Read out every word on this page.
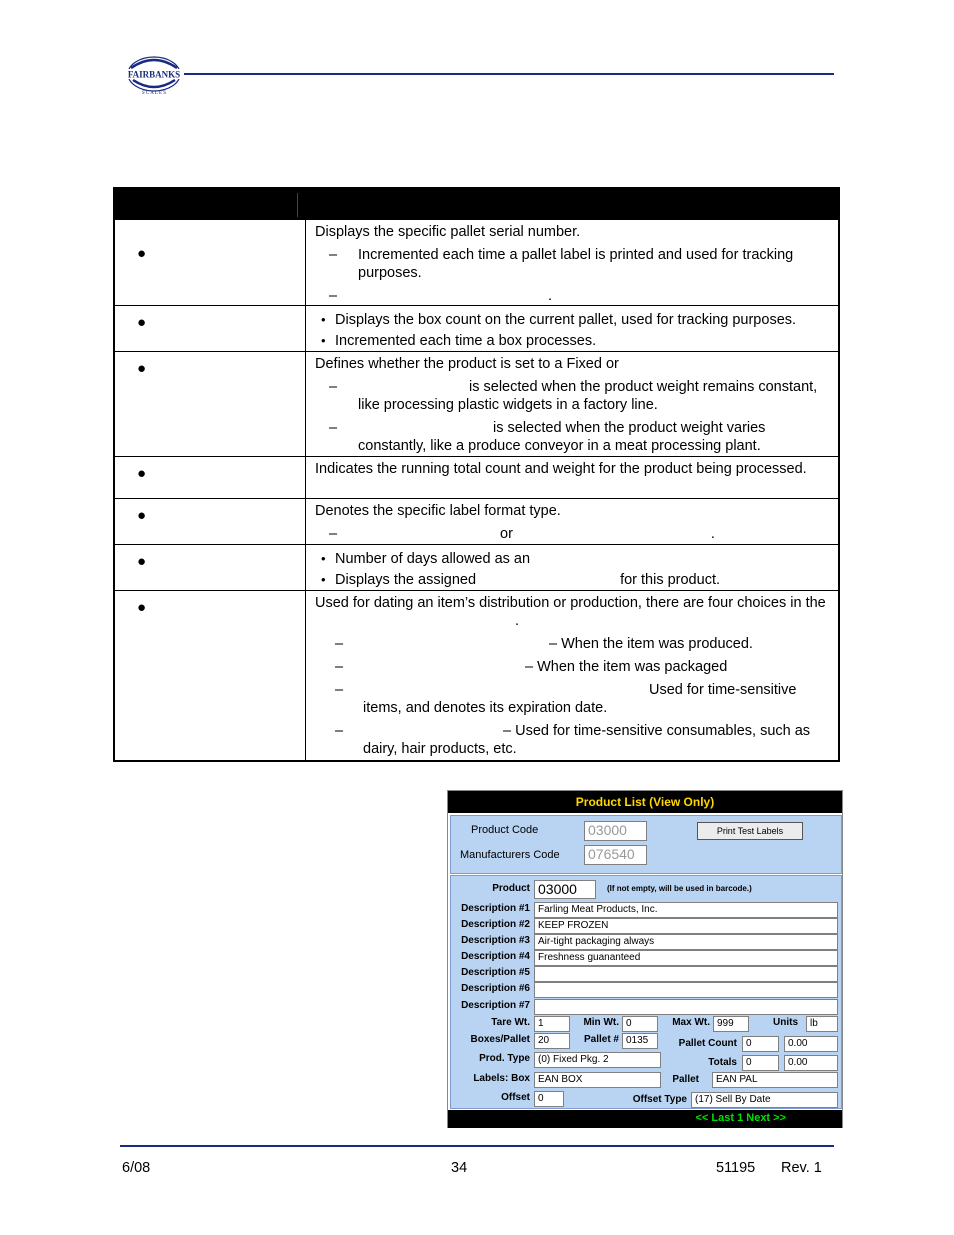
FAIRBANKS
S C A L E S
●

Displays the specific pallet serial number.

– Incremented each time a pallet label is printed and used for tracking purposes.

–	.

●	• Displays the box count on the current pallet, used for tracking purposes.

• Incremented each time a box processes.

●	Defines whether the product is set to a Fixed or

–	is selected when the product weight remains constant, like processing plastic widgets in a factory line.

–	is selected when the product weight varies constantly, like a produce conveyor in a meat processing plant.

●	Indicates the running total count and weight for the product being processed.

●	Denotes the specific label format type.

–	or	.

●	• Number of days allowed as an

• Displays the assigned	for this product.

●	Used for dating an item’s distribution or production, there are four choices in the.

–	– When the item was produced.

–	– When the item was packaged

–	Used for time-sensitive items, and denotes its expiration date.

–	– Used for time-sensitive consumables, such as dairy, hair products, etc.

Product List (View Only)
Product Code	03000
Manufacturers Code 076540
Print Test Labels
Product 03000	(If not empty, will be used in barcode.)
Description #1 Farling Meat Products, Inc.
Description #2 KEEP FROZEN
Description #3 Air-tight packaging always
Description #4 Freshness guananteed
Description #5
Description #6
Description #7
Tare Wt. 1	Min Wt. 0	Max Wt. 999	Units	lb
Boxes/Pallet 20	Pallet # 0135	Pallet Count 0	0.00
Prod. Type (0) Fixed Pkg. 2	Totals 0	0.00
Labels: Box EAN BOX	Pallet	EAN PAL
Offset 0	Offset Type (17) Sell By Date
<< Last 1 Next >>
6/08	34	51195 Rev. 1
